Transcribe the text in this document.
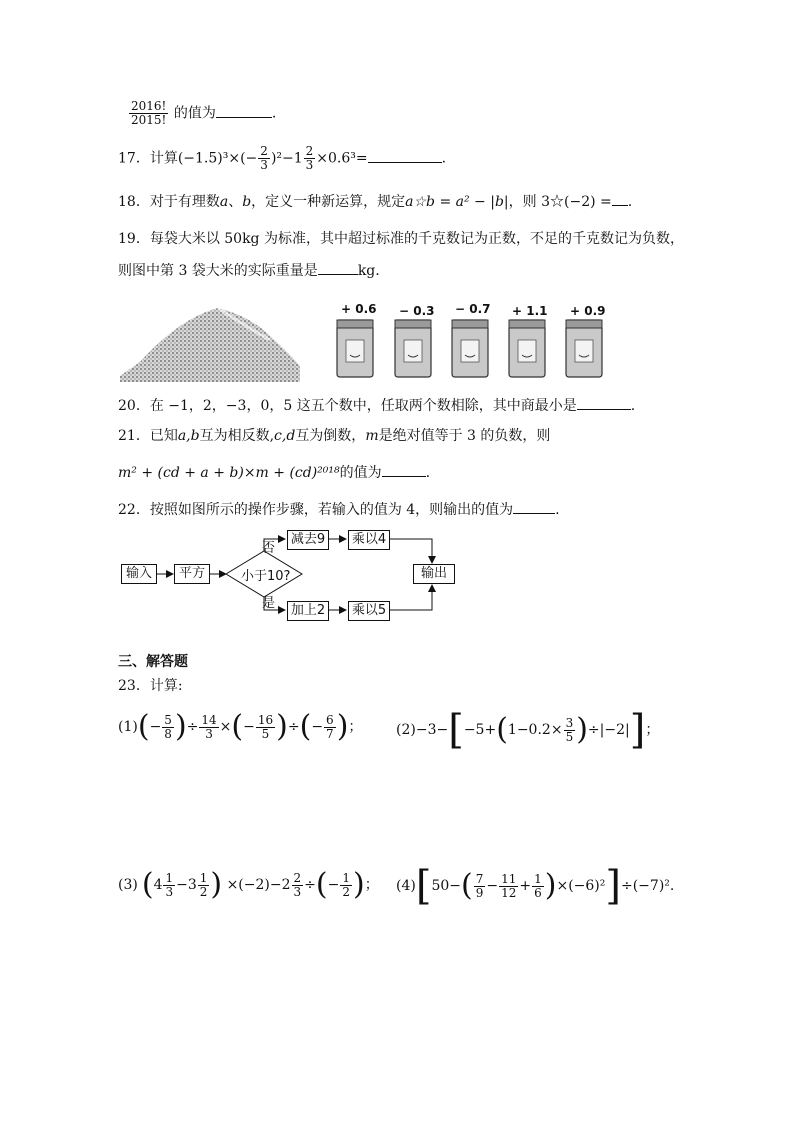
$\frac{2016!}{2015!}$ 的值为	.
17．计算$(-1.5)^3\times(- \frac{2}{3} )^2-1 \frac{2}{3} \times 0.6^3=$	.
18．对于有理数a、b，定义一种新运算，规定a☆b = a² − |b|，则 3☆(−2) = .
19．每袋大米以 50kg 为标准，其中超过标准的千克数记为正数，不足的千克数记为负数，
则图中第 3 袋大米的实际重量是	kg.
+ 0.6 − 0.3 − 0.7 + 1.1 + 0.9
20．在 −1，2，−3，0，5 这五个数中，任取两个数相除，其中商最小是	.
21．已知a,b互为相反数,c,d互为倒数，m是绝对值等于 3 的负数，则
m² + (cd + a + b)×m + (cd)²⁰¹⁸的值为	.
22．按照如图所示的操作步骤，若输入的值为 4，则输出的值为	.
输入	平方	小于10?
否
是
减去9 乘以4
加上2 乘以5
输出
三、解答题
23．计算:
(1) ( − $\frac{5}{8}$ ) ÷ $\frac{14}{3}$ × ( − $\frac{16}{5}$ ) ÷ ( − $\frac{6}{7}$ ) ； (2) −3− [ −5+ ( $1-0.2\times \frac{3}{5}$ ) ÷|−2| ] ；
(3) ( $4 \frac{1}{3} -3 \frac{1}{2}$ ) $\times(-2)-2 \frac{2}{3}$ ÷ ( − $\frac{1}{2}$ ) ； (4) [ 50− ( $\frac{7}{9} - \frac{11}{12} + \frac{1}{6}$ ) ×(−6)² ] ÷(−7)².
